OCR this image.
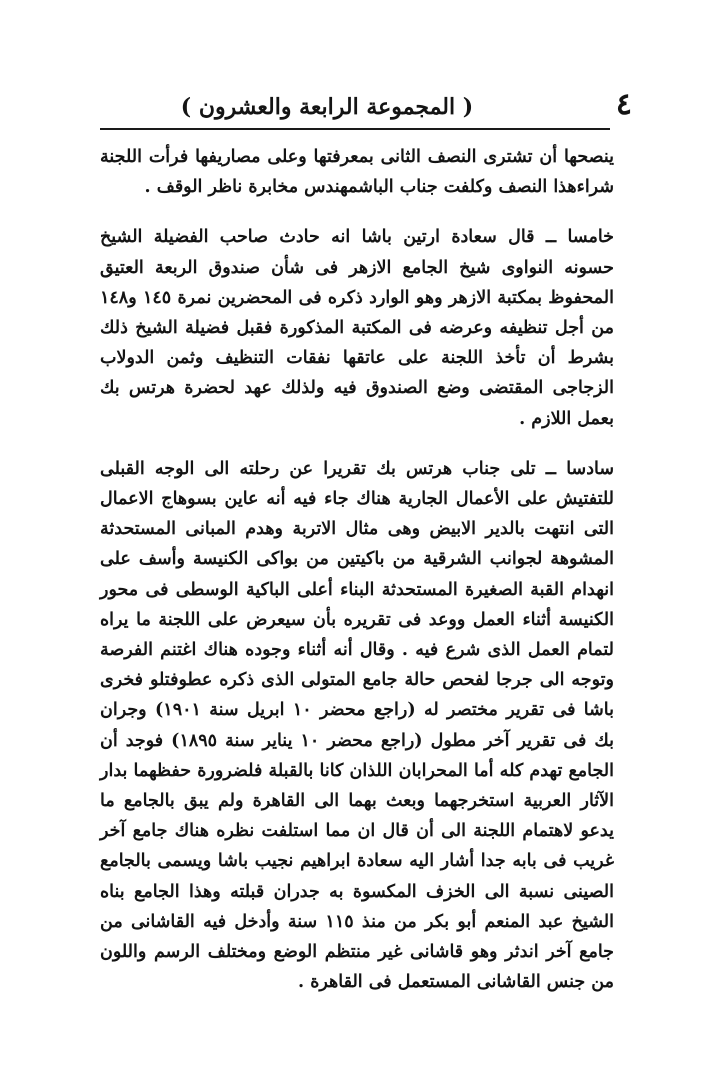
٤
( المجموعة الرابعة والعشرون )

ينصحها أن تشترى النصف الثانى بمعرفتها وعلى مصاريفها فرأت اللجنة شراءهذا النصف وكلفت جناب الباشمهندس مخابرة ناظر الوقف .

خامسا ــ قال سعادة ارتين باشا انه حادث صاحب الفضيلة الشيخ حسونه النواوى شيخ الجامع الازهر فى شأن صندوق الربعة العتيق المحفوظ بمكتبة الازهر وهو الوارد ذكره فى المحضرين نمرة ١٤٥ و١٤٨ من أجل تنظيفه وعرضه فى المكتبة المذكورة فقبل فضيلة الشيخ ذلك بشرط أن تأخذ اللجنة على عاتقها نفقات التنظيف وثمن الدولاب الزجاجى المقتضى وضع الصندوق فيه ولذلك عهد لحضرة هرتس بك بعمل اللازم .

سادسا ــ تلى جناب هرتس بك تقريرا عن رحلته الى الوجه القبلى للتفتيش على الأعمال الجارية هناك جاء فيه أنه عاين بسوهاج الاعمال التى انتهت بالدير الابيض وهى مثال الاتربة وهدم المبانى المستحدثة المشوهة لجوانب الشرقية من باكيتين من بواكى الكنيسة وأسف على انهدام القبة الصغيرة المستحدثة البناء أعلى الباكية الوسطى فى محور الكنيسة أثناء العمل ووعد فى تقريره بأن سيعرض على اللجنة ما يراه لتمام العمل الذى شرع فيه . وقال أنه أثناء وجوده هناك اغتنم الفرصة وتوجه الى جرجا لفحص حالة جامع المتولى الذى ذكره عطوفتلو فخرى باشا فى تقرير مختصر له (راجع محضر ١٠ ابريل سنة ١٩٠١) وجران بك فى تقرير آخر مطول (راجع محضر ١٠ يناير سنة ١٨٩٥) فوجد أن الجامع تهدم كله أما المحرابان اللذان كانا بالقبلة فلضرورة حفظهما بدار الآثار العربية استخرجهما وبعث بهما الى القاهرة ولم يبق بالجامع ما يدعو لاهتمام اللجنة الى أن قال ان مما استلفت نظره هناك جامع آخر غريب فى بابه جدا أشار اليه سعادة ابراهيم نجيب باشا ويسمى بالجامع الصينى نسبة الى الخزف المكسوة به جدران قبلته وهذا الجامع بناه الشيخ عبد المنعم أبو بكر من منذ ١١٥ سنة وأدخل فيه القاشانى من جامع آخر اندثر وهو قاشانى غير منتظم الوضع ومختلف الرسم واللون من جنس القاشانى المستعمل فى القاهرة .
